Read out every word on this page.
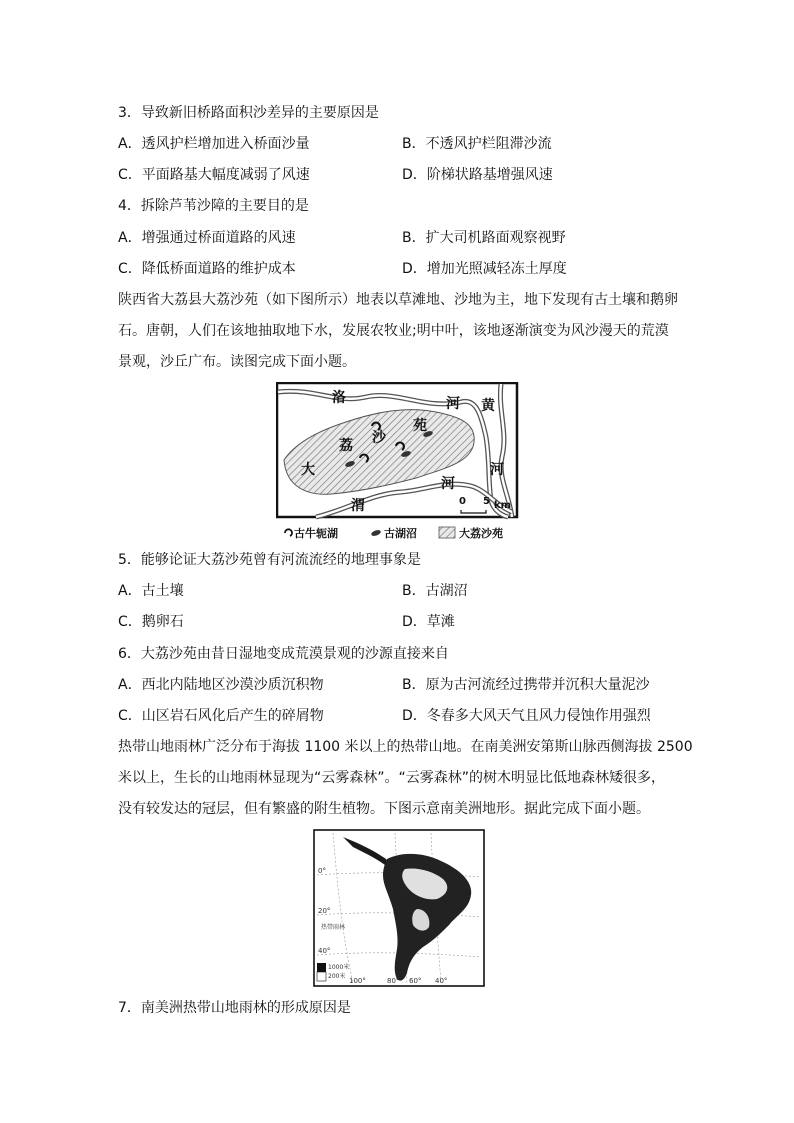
3．导致新旧桥路面积沙差异的主要原因是
A．透风护栏增加进入桥面沙量	B．不透风护栏阻滞沙流
C．平面路基大幅度减弱了风速	D．阶梯状路基增强风速
4．拆除芦苇沙障的主要目的是
A．增强通过桥面道路的风速	B．扩大司机路面观察视野
C．降低桥面道路的维护成本	D．增加光照减轻冻土厚度
陕西省大荔县大荔沙苑（如下图所示）地表以草滩地、沙地为主，地下发现有古土壤和鹅卵
石。唐朝，人们在该地抽取地下水，发展农牧业;明中叶，该地逐渐演变为风沙漫天的荒漠
景观，沙丘广布。读图完成下面小题。
洛	河 黄
沙
苑
荔
大	河
河
渭	0 5 km
古牛轭湖	古湖沼	大荔沙苑
5．能够论证大荔沙苑曾有河流流经的地理事象是
A．古土壤	B．古湖沼
C．鹅卵石	D．草滩
6．大荔沙苑由昔日湿地变成荒漠景观的沙源直接来自
A．西北内陆地区沙漠沙质沉积物	B．原为古河流经过携带并沉积大量泥沙
C．山区岩石风化后产生的碎屑物	D．冬春多大风天气且风力侵蚀作用强烈
热带山地雨林广泛分布于海拔 1100 米以上的热带山地。在南美洲安第斯山脉西侧海拔 2500
米以上，生长的山地雨林显现为“云雾森林”。“云雾森林”的树木明显比低地森林矮很多，
没有较发达的冠层，但有繁盛的附生植物。下图示意南美洲地形。据此完成下面小题。
0°
20°
40°
100°	80° 60° 40°
热带雨林
1000米
200米
7．南美洲热带山地雨林的形成原因是
